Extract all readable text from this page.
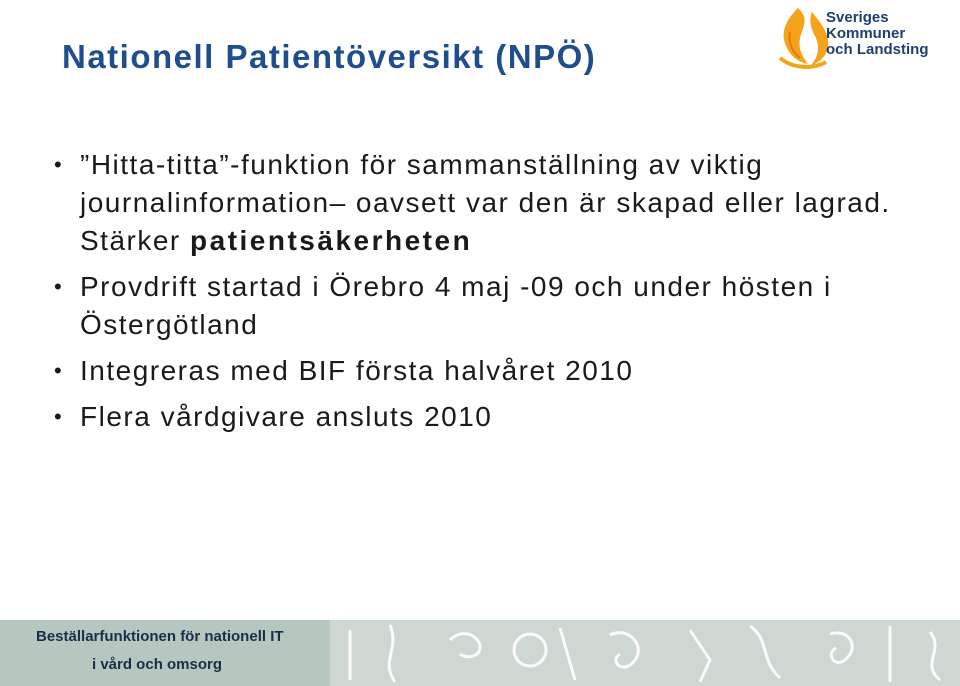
Nationell Patientöversikt (NPÖ)
Sveriges
Kommuner
och Landsting
• ”Hitta-titta”-funktion för sammanställning av viktig journalinformation– oavsett var den är skapad eller lagrad. Stärker patientsäkerheten
• Provdrift startad i Örebro 4 maj -09 och under hösten i Östergötland
• Integreras med BIF första halvåret 2010
• Flera vårdgivare ansluts 2010
Beställarfunktionen för nationell IT
i vård och omsorg
